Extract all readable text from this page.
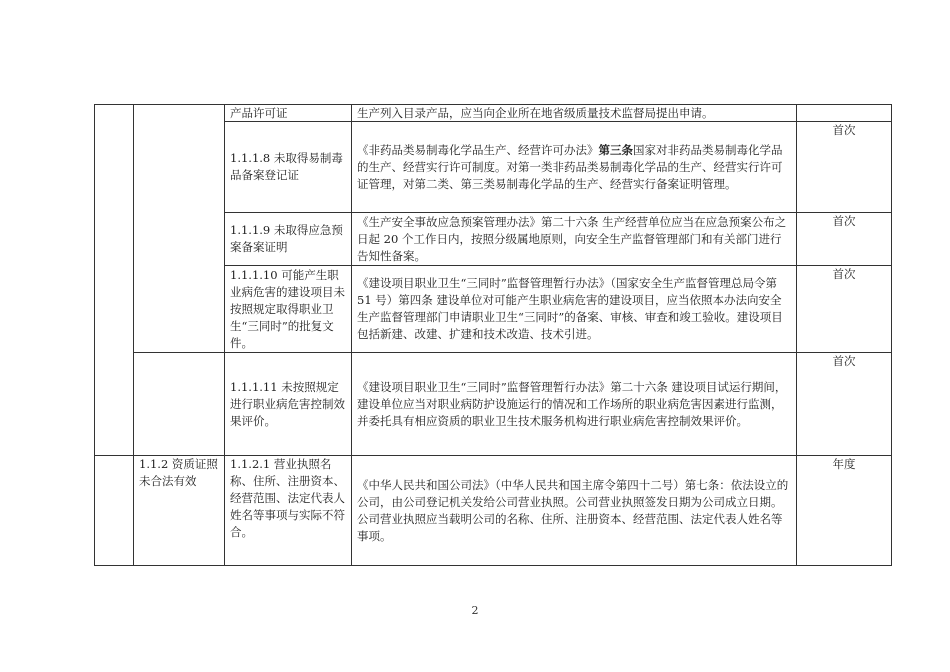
		产品许可证	生产列入目录产品，应当向企业所在地省级质量技术监督局提出申请。	
		1.1.1.8 未取得易制毒品备案登记证	《非药品类易制毒化学品生产、经营许可办法》第三条国家对非药品类易制毒化学品的生产、经营实行许可制度。对第一类非药品类易制毒化学品的生产、经营实行许可证管理，对第二类、第三类易制毒化学品的生产、经营实行备案证明管理。	首次
		1.1.1.9 未取得应急预案备案证明	《生产安全事故应急预案管理办法》第二十六条 生产经营单位应当在应急预案公布之日起 20 个工作日内，按照分级属地原则，向安全生产监督管理部门和有关部门进行告知性备案。	首次
		1.1.1.10 可能产生职业病危害的建设项目未按照规定取得职业卫生“三同时”的批复文件。	《建设项目职业卫生“三同时”监督管理暂行办法》（国家安全生产监督管理总局令第 51 号）第四条 建设单位对可能产生职业病危害的建设项目，应当依照本办法向安全生产监督管理部门申请职业卫生“三同时”的备案、审核、审查和竣工验收。建设项目包括新建、改建、扩建和技术改造、技术引进。	首次
		1.1.1.11 未按照规定进行职业病危害控制效果评价。	《建设项目职业卫生“三同时”监督管理暂行办法》第二十六条 建设项目试运行期间，建设单位应当对职业病防护设施运行的情况和工作场所的职业病危害因素进行监测，并委托具有相应资质的职业卫生技术服务机构进行职业病危害控制效果评价。	首次
	1.1.2 资质证照未合法有效	1.1.2.1 营业执照名称、住所、注册资本、经营范围、法定代表人姓名等事项与实际不符合。	《中华人民共和国公司法》（中华人民共和国主席令第四十二号）第七条：依法设立的公司，由公司登记机关发给公司营业执照。公司营业执照签发日期为公司成立日期。

公司营业执照应当载明公司的名称、住所、注册资本、经营范围、法定代表人姓名等事项。	年度
2
